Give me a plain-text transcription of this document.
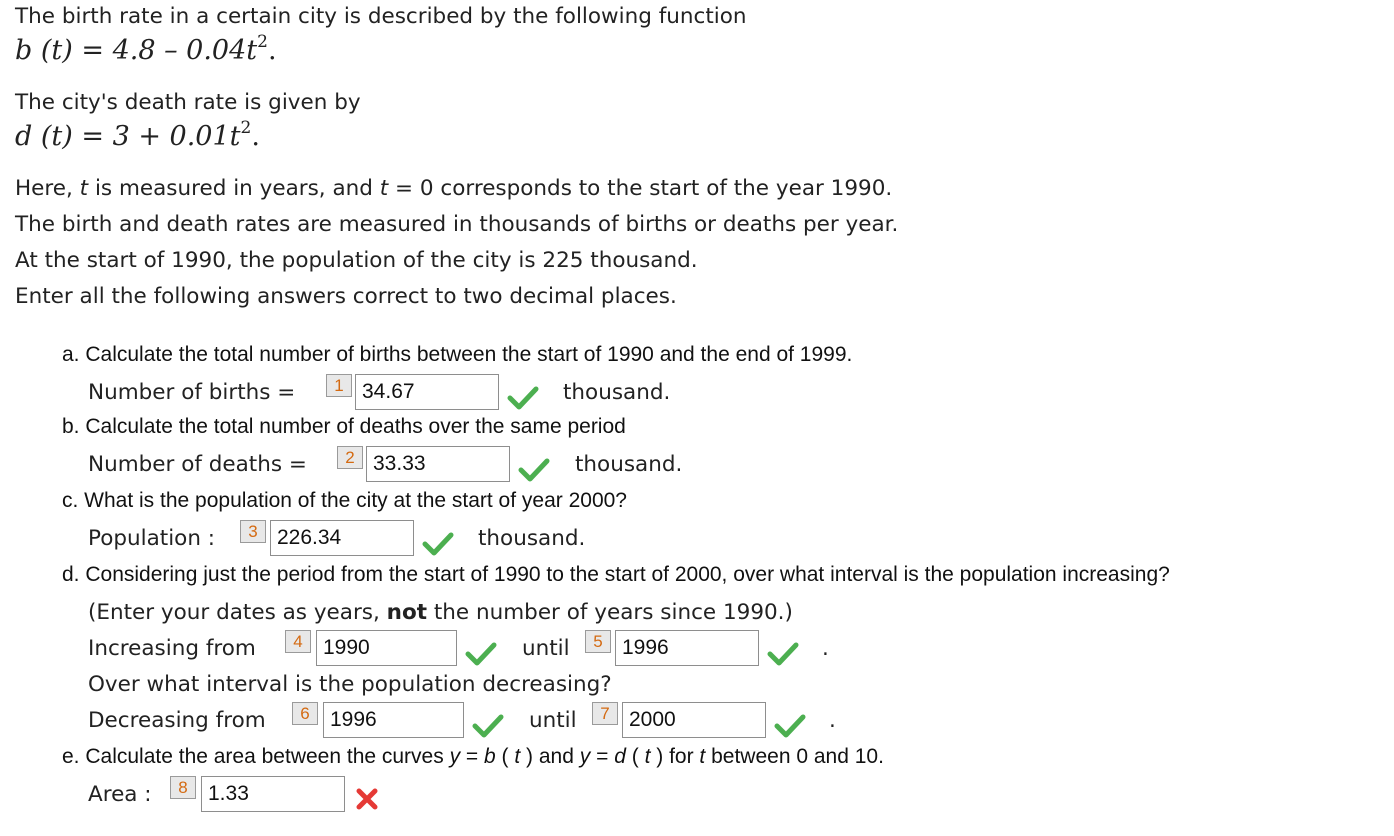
The birth rate in a certain city is described by the following function
b $(t) = 4.8 - 0.04t^2$.
The city's death rate is given by
d $(t) = 3 + 0.01t^2$.
Here, t is measured in years, and t = 0 corresponds to the start of the year 1990.
The birth and death rates are measured in thousands of births or deaths per year.
At the start of 1990, the population of the city is 225 thousand.
Enter all the following answers correct to two decimal places.
a. Calculate the total number of births between the start of 1990 and the end of 1999.
Number of births =	1 34.67	thousand.
b. Calculate the total number of deaths over the same period
Number of deaths =	2 33.33	thousand.
c. What is the population of the city at the start of year 2000?
Population :	3 226.34	thousand.
d. Considering just the period from the start of 1990 to the start of 2000, over what interval is the population increasing?
(Enter your dates as years, not the number of years since 1990.)
Increasing from	4 1990	until	5 1996	.
Over what interval is the population decreasing?
Decreasing from	6 1996	until	7 2000	.
e. Calculate the area between the curves y = b ( t ) and y = d ( t ) for t between 0 and 10.
Area :	8 1.33
